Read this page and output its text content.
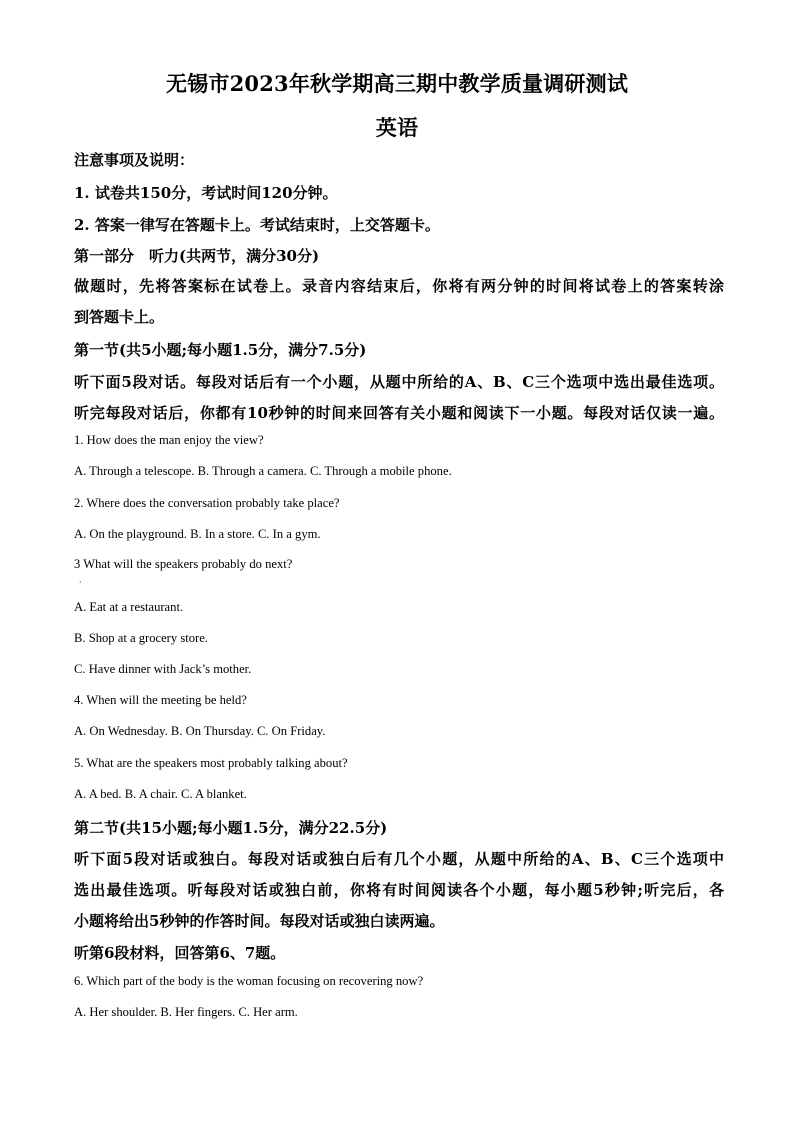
无锡市2023年秋学期高三期中教学质量调研测试
英语
注意事项及说明：
1. 试卷共150分，考试时间120分钟。
2. 答案一律写在答题卡上。考试结束时，上交答题卡。
第一部分　听力(共两节，满分30分)
做题时，先将答案标在试卷上。录音内容结束后，你将有两分钟的时间将试卷上的答案转涂
到答题卡上。
第一节(共5小题;每小题1.5分，满分7.5分)
听下面5段对话。每段对话后有一个小题，从题中所给的A、B、C三个选项中选出最佳选项。
听完每段对话后，你都有10秒钟的时间来回答有关小题和阅读下一小题。每段对话仅读一遍。
1. How does the man enjoy the view?
A. Through a telescope. B. Through a camera. C. Through a mobile phone.
2. Where does the conversation probably take place?
A. On the playground. B. In a store. C. In a gym.
3 What will the speakers probably do next?
·
A. Eat at a restaurant.
B. Shop at a grocery store.
C. Have dinner with Jack’s mother.
4. When will the meeting be held?
A. On Wednesday. B. On Thursday. C. On Friday.
5. What are the speakers most probably talking about?
A. A bed. B. A chair. C. A blanket.
第二节(共15小题;每小题1.5分，满分22.5分)
听下面5段对话或独白。每段对话或独白后有几个小题，从题中所给的A、B、C三个选项中
选出最佳选项。听每段对话或独白前，你将有时间阅读各个小题，每小题5秒钟;听完后，各
小题将给出5秒钟的作答时间。每段对话或独白读两遍。
听第6段材料，回答第6、7题。
6. Which part of the body is the woman focusing on recovering now?
A. Her shoulder. B. Her fingers. C. Her arm.
